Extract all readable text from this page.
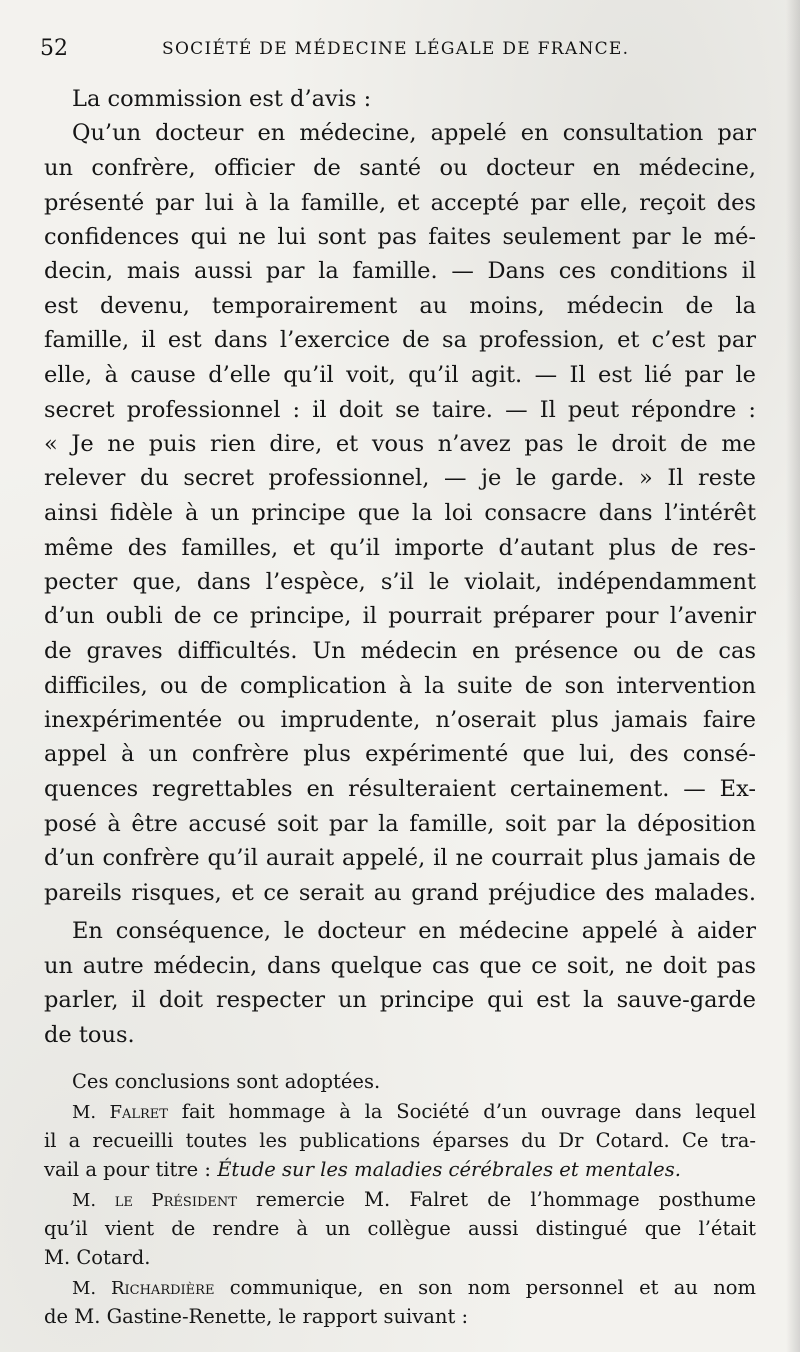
52	SOCIÉTÉ DE MÉDECINE LÉGALE DE FRANCE.
La commission est d’avis :
Qu’un docteur en médecine, appelé en consultation par
un confrère, officier de santé ou docteur en médecine,
présenté par lui à la famille, et accepté par elle, reçoit des
confidences qui ne lui sont pas faites seulement par le mé-
decin, mais aussi par la famille. — Dans ces conditions il
est devenu, temporairement au moins, médecin de la
famille, il est dans l’exercice de sa profession, et c’est par
elle, à cause d’elle qu’il voit, qu’il agit. — Il est lié par le
secret professionnel : il doit se taire. — Il peut répondre :
« Je ne puis rien dire, et vous n’avez pas le droit de me
relever du secret professionnel, — je le garde. » Il reste
ainsi fidèle à un principe que la loi consacre dans l’intérêt
même des familles, et qu’il importe d’autant plus de res-
pecter que, dans l’espèce, s’il le violait, indépendamment
d’un oubli de ce principe, il pourrait préparer pour l’avenir
de graves difficultés. Un médecin en présence ou de cas
difficiles, ou de complication à la suite de son intervention
inexpérimentée ou imprudente, n’oserait plus jamais faire
appel à un confrère plus expérimenté que lui, des consé-
quences regrettables en résulteraient certainement. — Ex-
posé à être accusé soit par la famille, soit par la déposition
d’un confrère qu’il aurait appelé, il ne courrait plus jamais de
pareils risques, et ce serait au grand préjudice des malades.
En conséquence, le docteur en médecine appelé à aider
un autre médecin, dans quelque cas que ce soit, ne doit pas
parler, il doit respecter un principe qui est la sauve-garde
de tous.
Ces conclusions sont adoptées.
M. Falret fait hommage à la Société d’un ouvrage dans lequel
il a recueilli toutes les publications éparses du Dr Cotard. Ce tra-
vail a pour titre : Étude sur les maladies cérébrales et mentales.
M. le Président remercie M. Falret de l’hommage posthume
qu’il vient de rendre à un collègue aussi distingué que l’était
M. Cotard.
M. Richardière communique, en son nom personnel et au nom
de M. Gastine-Renette, le rapport suivant :
